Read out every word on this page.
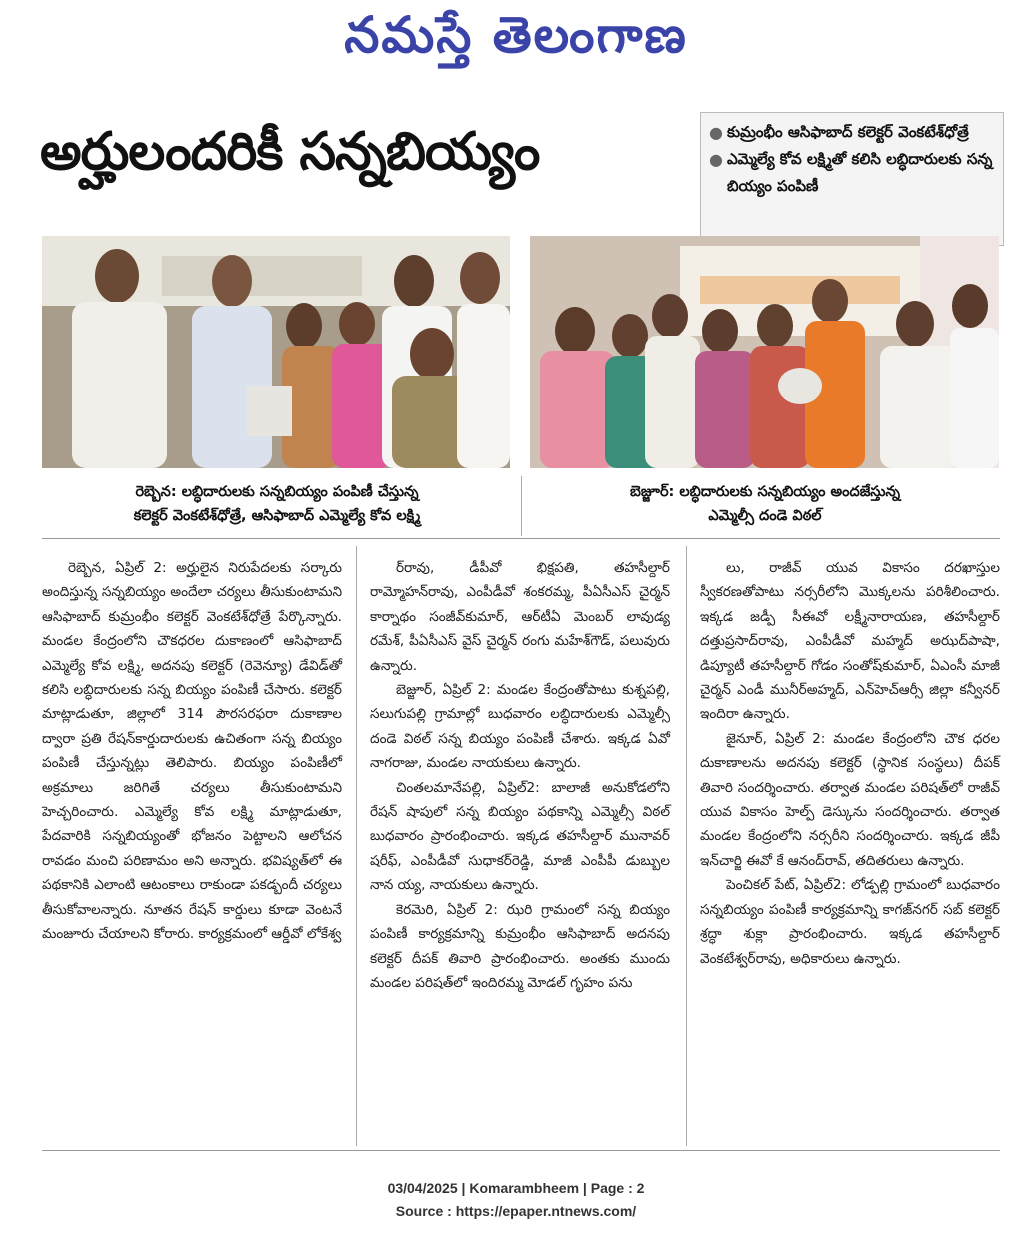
నమస్తే తెలంగాణ
అర్హులందరికీ సన్నబియ్యం	● కుమ్రంభీం ఆసిఫాబాద్ కలెక్టర్ వెంకటేశ్‌ధోత్రే
● ఎమ్మెల్యే కోవ లక్ష్మితో కలిసి లబ్ధిదారులకు సన్న బియ్యం పంపిణీ
రెబ్బెన: లబ్ధిదారులకు సన్నబియ్యం పంపిణీ చేస్తున్న
కలెక్టర్ వెంకటేశ్‌ధోత్రే, ఆసిఫాబాద్ ఎమ్మెల్యే కోవ లక్ష్మి
బెజ్జూర్: లబ్ధిదారులకు సన్నబియ్యం అందజేస్తున్న
ఎమ్మెల్సీ దండె విఠల్

రెబ్బెన, ఏప్రిల్ 2: అర్హులైన నిరుపేదలకు సర్కారు అందిస్తున్న సన్నబియ్యం అందేలా చర్యలు తీసుకుంటామని ఆసిఫాబాద్ కుమ్రంభీం కలెక్టర్ వెంకటేశ్‌ధోత్రే పేర్కొన్నారు. మండల కేంద్రంలోని చౌకధరల దుకాణంలో ఆసిఫాబాద్ ఎమ్మెల్యే కోవ లక్ష్మి, అదనపు కలెక్టర్ (రెవెన్యూ) డేవిడ్‌తో కలిసి లబ్ధిదారులకు సన్న బియ్యం పంపిణీ చేసారు. కలెక్టర్ మాట్లాడుతూ, జిల్లాలో 314 పౌరసరఫరా దుకాణాల ద్వారా ప్రతి రేషన్‌కార్డుదారులకు ఉచితంగా సన్న బియ్యం పంపిణీ చేస్తున్నట్లు తెలిపారు. బియ్యం పంపిణీలో అక్రమాలు జరిగితే చర్యలు తీసుకుంటామని హెచ్చరించారు. ఎమ్మెల్యే కోవ లక్ష్మి మాట్లాడుతూ, పేదవారికి సన్నబియ్యంతో భోజనం పెట్టాలని ఆలోచన రావడం మంచి పరిణామం అని అన్నారు. భవిష్యత్‌లో ఈ పథకానికి ఎలాంటి ఆటంకాలు రాకుండా పకడ్బందీ చర్యలు తీసుకోవాలన్నారు. నూతన రేషన్ కార్డులు కూడా వెంటనే మంజూరు చేయాలని కోరారు. కార్యక్రమంలో ఆర్డీవో లోకేశ్వ

ర్‌రావు, డీపీవో భిక్షపతి, తహసీల్దార్ రామ్మోహన్‌రావు, ఎంపీడీవో శంకరమ్మ, పీఏసీఎస్ చైర్మన్ కార్నాథం సంజీవ్‌కుమార్, ఆర్‌టీఏ మెంబర్ లావుడ్య రమేశ్, పీఏసీఎస్ వైస్ చైర్మన్ రంగు మహేశ్‌గౌడ్, పలువురు ఉన్నారు.

బెజ్జూర్, ఏప్రిల్ 2: మండల కేంద్రంతోపాటు కుశ్నపల్లి, సలుగుపల్లి గ్రామాల్లో బుధవారం లబ్ధిదారులకు ఎమ్మెల్సీ దండె విఠల్ సన్న బియ్యం పంపిణీ చేశారు. ఇక్కడ ఏవో నాగరాజు, మండల నాయకులు ఉన్నారు.

చింతలమానేపల్లి, ఏప్రిల్2: బాలాజీ అనుకోడలోని రేషన్ షాపులో సన్న బియ్యం పథకాన్ని ఎమ్మెల్సీ విఠల్ బుధవారం ప్రారంభించారు. ఇక్కడ తహసీల్దార్ మునావర్ షరీఫ్, ఎంపీడీవో సుధాకర్‌రెడ్డి, మాజీ ఎంపీపీ డుబ్బుల నాన య్య, నాయకులు ఉన్నారు.

కెరమెరి, ఏప్రిల్ 2: ఝరి గ్రామంలో సన్న బియ్యం పంపిణీ కార్యక్రమాన్ని కుమ్రంభీం ఆసిఫాబాద్ అదనపు కలెక్టర్ దీపక్ తివారి ప్రారంభించారు. అంతకు ముందు మండల పరిషత్‌లో ఇందిరమ్మ మోడల్ గృహం పను

లు, రాజీవ్ యువ వికాసం దరఖాస్తుల స్వీకరణతోపాటు నర్సరీలోని మొక్కలను పరిశీలించారు. ఇక్కడ జడ్పీ సీఈవో లక్ష్మీనారాయణ, తహసీల్దార్ దత్తుప్రసాద్‌రావు, ఎంపీడీవో మహ్మద్ అఝద్‌పాషా, డిప్యూటీ తహసీల్దార్ గోడం సంతోష్‌కుమార్, ఏఎంసీ మాజీ చైర్మన్ ఎండీ మునీర్‌అహ్మద్, ఎన్‌హెచ్‌ఆర్సీ జిల్లా కన్వీనర్ ఇందిరా ఉన్నారు.

జైనూర్, ఏప్రిల్ 2: మండల కేంద్రంలోని చౌక ధరల దుకాణాలను అదనపు కలెక్టర్ (స్థానిక సంస్థలు) దీపక్ తివారి సందర్శించారు. తర్వాత మండల పరిషత్‌లో రాజీవ్ యువ వికాసం హెల్ప్ డెస్కును సందర్శించారు. తర్వాత మండల కేంద్రంలోని నర్సరీని సందర్శించారు. ఇక్కడ జీపీ ఇన్‌చార్జి ఈవో కే ఆనంద్‌రావ్, తదితరులు ఉన్నారు.

పెంచికల్ పేట్, ఏప్రిల్2: లోడ్పల్లి గ్రామంలో బుధవారం సన్నబియ్యం పంపిణీ కార్యక్రమాన్ని కాగజ్‌నగర్ సబ్ కలెక్టర్ శ్రద్ధా శుక్లా ప్రారంభించారు. ఇక్కడ తహసీల్దార్ వెంకటేశ్వర్‌రావు, అధికారులు ఉన్నారు.

03/04/2025 | Komarambheem | Page : 2
Source : https://epaper.ntnews.com/
